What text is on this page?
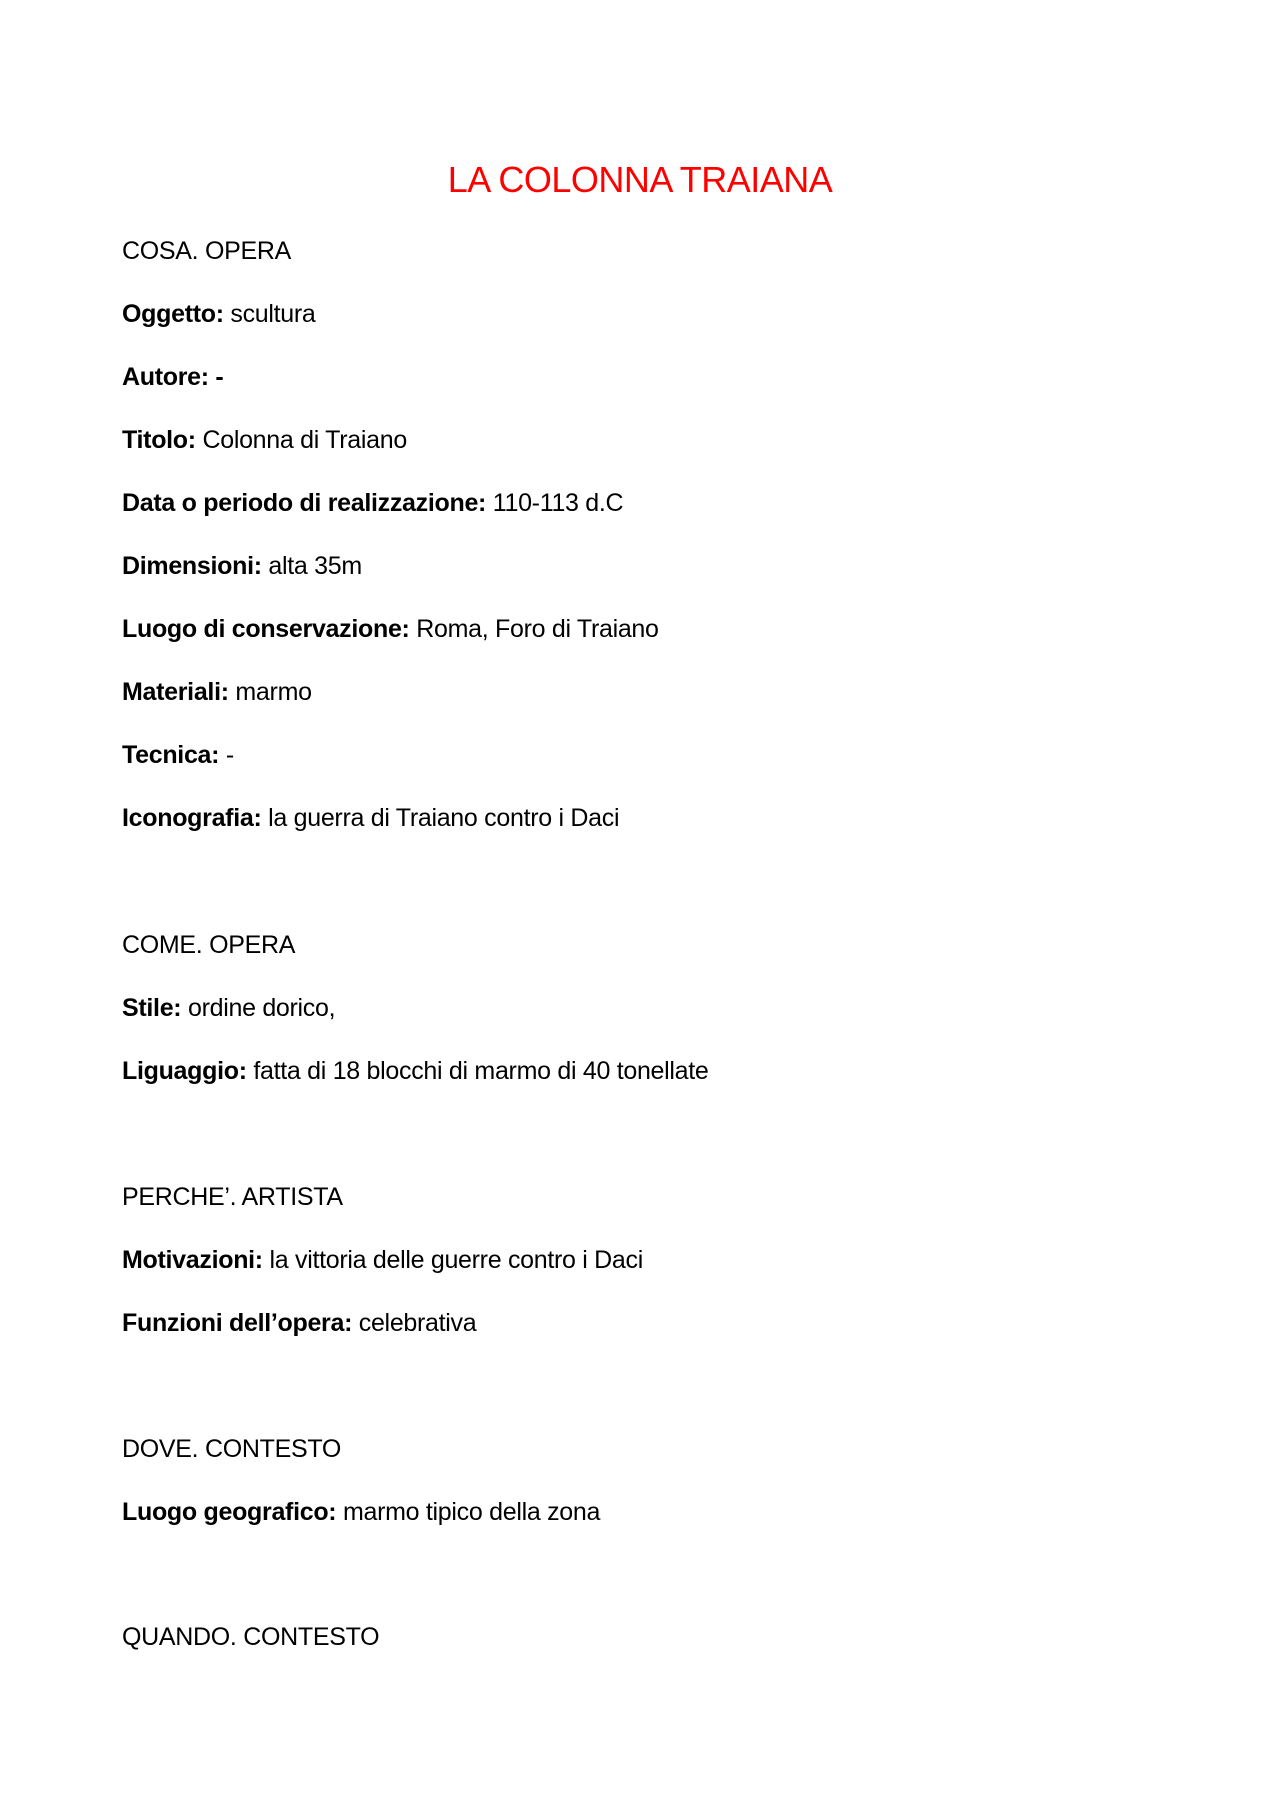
LA COLONNA TRAIANA
COSA. OPERA
Oggetto: scultura
Autore: -
Titolo: Colonna di Traiano
Data o periodo di realizzazione: 110-113 d.C
Dimensioni: alta 35m
Luogo di conservazione: Roma, Foro di Traiano
Materiali: marmo
Tecnica: -
Iconografia: la guerra di Traiano contro i Daci
COME. OPERA
Stile: ordine dorico,
Liguaggio: fatta di 18 blocchi di marmo di 40 tonellate
PERCHE’. ARTISTA
Motivazioni: la vittoria delle guerre contro i Daci
Funzioni dell’opera: celebrativa
DOVE. CONTESTO
Luogo geografico: marmo tipico della zona
QUANDO. CONTESTO
